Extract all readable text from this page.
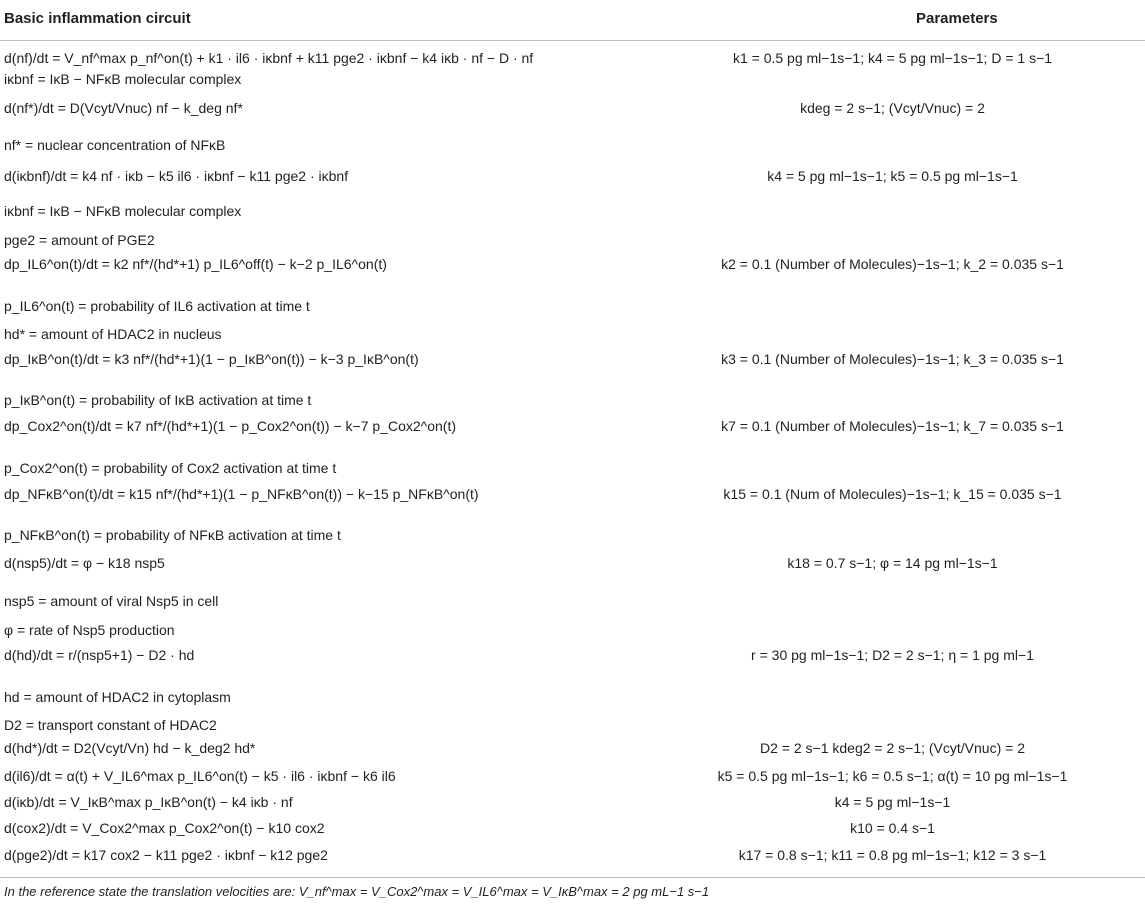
Basic inflammation circuit	Parameters
d(nf)/dt = V_nf^max p_nf^on(t) + k1 · il6 · iκbnf + k11 pge2 · iκbnf − k4 iκb · nf − D · nf	k1 = 0.5 pg ml−1s−1; k4 = 5 pg ml−1s−1; D = 1 s−1
iκbnf = IκB − NFκB molecular complex
d(nf*)/dt = D(Vcyt/Vnuc) nf − k_deg nf*	kdeg = 2 s−1; (Vcyt/Vnuc) = 2
nf* = nuclear concentration of NFκB
d(iκbnf)/dt = k4 nf · iκb − k5 il6 · iκbnf − k11 pge2 · iκbnf	k4 = 5 pg ml−1s−1; k5 = 0.5 pg ml−1s−1
iκbnf = IκB − NFκB molecular complex
pge2 = amount of PGE2
dp_IL6^on(t)/dt = k2 nf*/(hd*+1) p_IL6^off(t) − k−2 p_IL6^on(t)	k2 = 0.1 (Number of Molecules)−1s−1; k_2 = 0.035 s−1
p_IL6^on(t) = probability of IL6 activation at time t
hd* = amount of HDAC2 in nucleus
dp_IκB^on(t)/dt = k3 nf*/(hd*+1)(1 − p_IκB^on(t)) − k−3 p_IκB^on(t)	k3 = 0.1 (Number of Molecules)−1s−1; k_3 = 0.035 s−1
p_IκB^on(t) = probability of IκB activation at time t
dp_Cox2^on(t)/dt = k7 nf*/(hd*+1)(1 − p_Cox2^on(t)) − k−7 p_Cox2^on(t)	k7 = 0.1 (Number of Molecules)−1s−1; k_7 = 0.035 s−1
p_Cox2^on(t) = probability of Cox2 activation at time t
dp_NFκB^on(t)/dt = k15 nf*/(hd*+1)(1 − p_NFκB^on(t)) − k−15 p_NFκB^on(t)	k15 = 0.1 (Num of Molecules)−1s−1; k_15 = 0.035 s−1
p_NFκB^on(t) = probability of NFκB activation at time t
d(nsp5)/dt = φ − k18 nsp5	k18 = 0.7 s−1; φ = 14 pg ml−1s−1
nsp5 = amount of viral Nsp5 in cell
φ = rate of Nsp5 production
d(hd)/dt = r/(nsp5+1) − D2 · hd	r = 30 pg ml−1s−1; D2 = 2 s−1; η = 1 pg ml−1
hd = amount of HDAC2 in cytoplasm
D2 = transport constant of HDAC2
d(hd*)/dt = D2(Vcyt/Vn) hd − k_deg2 hd*	D2 = 2 s−1 kdeg2 = 2 s−1; (Vcyt/Vnuc) = 2
d(il6)/dt = α(t) + V_IL6^max p_IL6^on(t) − k5 · il6 · iκbnf − k6 il6	k5 = 0.5 pg ml−1s−1; k6 = 0.5 s−1; α(t) = 10 pg ml−1s−1
d(iκb)/dt = V_IκB^max p_IκB^on(t) − k4 iκb · nf	k4 = 5 pg ml−1s−1
d(cox2)/dt = V_Cox2^max p_Cox2^on(t) − k10 cox2	k10 = 0.4 s−1
d(pge2)/dt = k17 cox2 − k11 pge2 · iκbnf − k12 pge2	k17 = 0.8 s−1; k11 = 0.8 pg ml−1s−1; k12 = 3 s−1
In the reference state the translation velocities are: V_nf^max = V_Cox2^max = V_IL6^max = V_IκB^max = 2 pg mL−1 s−1
